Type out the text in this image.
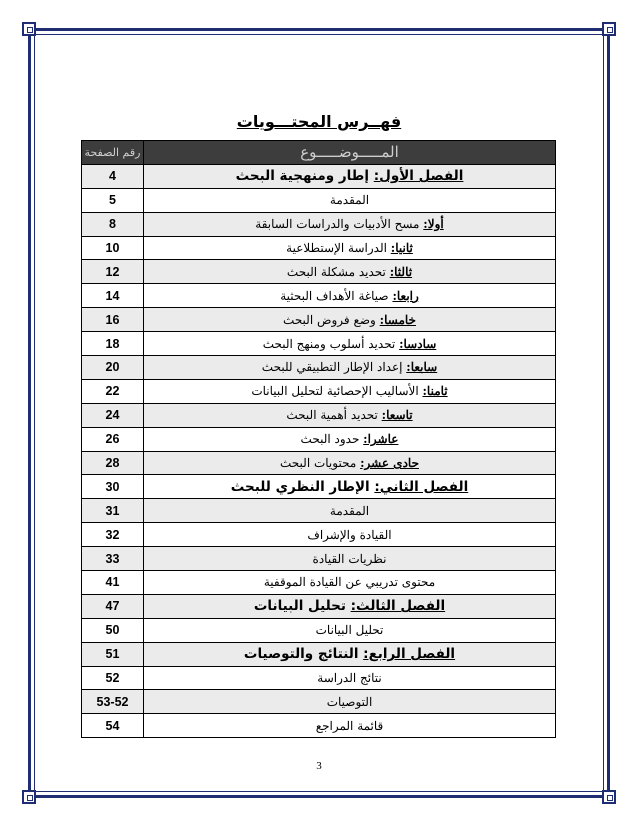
فهــرس المحتـــويات
المـــــوضـــــوع	رقم الصفحة
الفصل الأول: إطار ومنهجية البحث	4
المقدمة	5
أولا: مسح الأدبيات والدراسات السابقة	8
ثانيا: الدراسة الإستطلاعية	10
ثالثا: تحديد مشكلة البحث	12
رابعا: صياغة الأهداف البحثية	14
خامسا: وضع فروض البحث	16
سادسا: تحديد أسلوب ومنهج البحث	18
سابعا: إعداد الإطار التطبيقي للبحث	20
ثامنا: الأساليب الإحصائية لتحليل البيانات	22
تاسعا: تحديد أهمية البحث	24
عاشرا: حدود البحث	26
حادى عشر: محتويات البحث	28
الفصل الثاني: الإطار النظري للبحث	30
المقدمة	31
القيادة والإشراف	32
نظريات القيادة	33
محتوى تدريبي عن القيادة الموقفية	41
الفصل الثالث: تحليل البيانات	47
تحليل البيانات	50
الفصل الرابع: النتائج والتوصيات	51
نتائج الدراسة	52
التوصيات	53-52
قائمة المراجع	54
3
